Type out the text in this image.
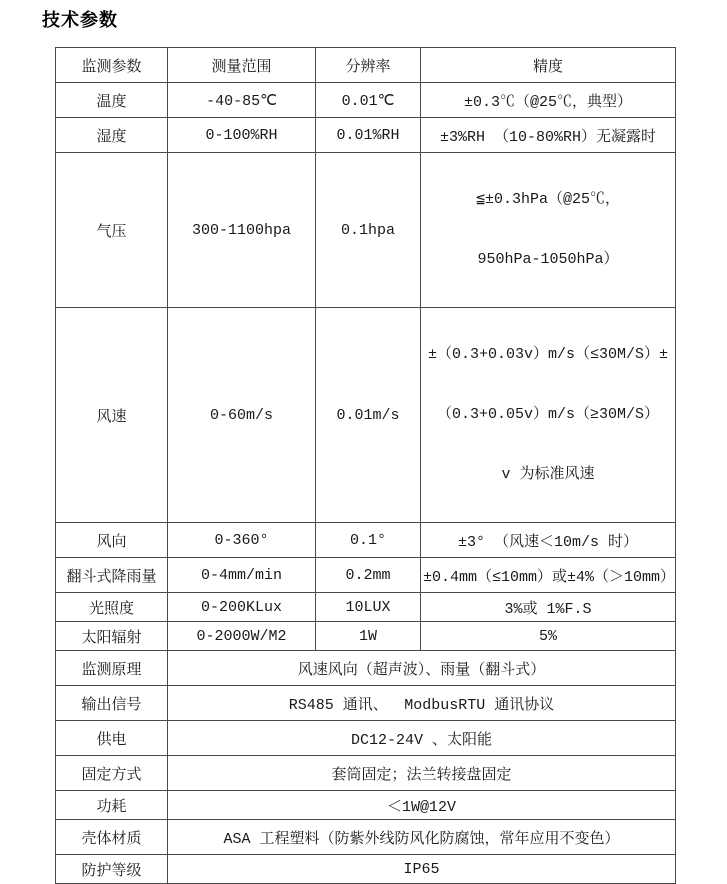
技术参数
监测参数	测量范围	分辨率	精度
温度	-40-85℃	0.01℃	±0.3℃（@25℃，典型）
湿度	0-100%RH	0.01%RH	±3%RH （10-80%RH）无凝露时
气压	300-1100hpa	0.1hpa	≦±0.3hPa（@25℃，

950hPa-1050hPa）

风速	0-60m/s	0.01m/s	±（0.3+0.03v）m/s（≤30M/S）±

（0.3+0.05v）m/s（≥30M/S）

v 为标准风速

风向	0-360°	0.1°	±3° （风速＜10m/s 时）
翻斗式降雨量	0-4mm/min	0.2mm	±0.4mm（≤10mm）或±4%（＞10mm）
光照度	0-200KLux	10LUX	3%或 1%F.S
太阳辐射	0-2000W/M2	1W	5%
监测原理	风速风向（超声波）、雨量（翻斗式）		
输出信号	RS485 通讯、　 ModbusRTU 通讯协议		
供电	DC12-24V 、太阳能		
固定方式	套筒固定；法兰转接盘固定		
功耗	＜1W@12V		
壳体材质	ASA 工程塑料（防紫外线防风化防腐蚀，常年应用不变色）		
防护等级	IP65		
